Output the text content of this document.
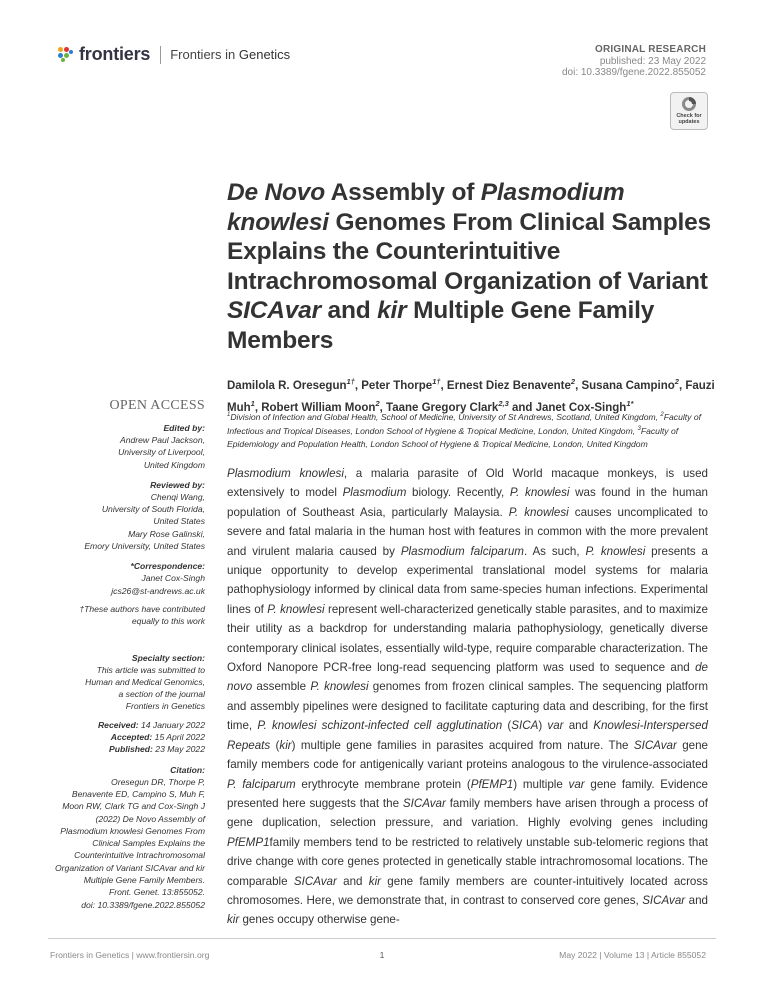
frontiers Frontiers in Genetics	ORIGINAL RESEARCH
published: 23 May 2022
doi: 10.3389/fgene.2022.855052
Check for
updates
De Novo Assembly of Plasmodium knowlesi Genomes From Clinical Samples Explains the Counterintuitive Intrachromosomal Organization of Variant SICAvar and kir Multiple Gene Family Members
Damilola R. Oresegun$^{1\dagger}$, Peter Thorpe$^{1\dagger}$, Ernest Diez Benavente$^2$, Susana Campino$^2$, Fauzi Muh$^1$, Robert William Moon$^2$, Taane Gregory Clark$^{2,3}$ and Janet Cox-Singh$^{1*}$
$^1$Division of Infection and Global Health, School of Medicine, University of St Andrews, Scotland, United Kingdom, $^2$Faculty of Infectious and Tropical Diseases, London School of Hygiene & Tropical Medicine, London, United Kingdom, $^3$Faculty of Epidemiology and Population Health, London School of Hygiene & Tropical Medicine, London, United Kingdom
Plasmodium knowlesi, a malaria parasite of Old World macaque monkeys, is used extensively to model Plasmodium biology. Recently, P. knowlesi was found in the human population of Southeast Asia, particularly Malaysia. P. knowlesi causes uncomplicated to severe and fatal malaria in the human host with features in common with the more prevalent and virulent malaria caused by Plasmodium falciparum. As such, P. knowlesi presents a unique opportunity to develop experimental translational model systems for malaria pathophysiology informed by clinical data from same-species human infections. Experimental lines of P. knowlesi represent well-characterized genetically stable parasites, and to maximize their utility as a backdrop for understanding malaria pathophysiology, genetically diverse contemporary clinical isolates, essentially wild-type, require comparable characterization. The Oxford Nanopore PCR-free long-read sequencing platform was used to sequence and de novo assemble P. knowlesi genomes from frozen clinical samples. The sequencing platform and assembly pipelines were designed to facilitate capturing data and describing, for the first time, P. knowlesi schizont-infected cell agglutination (SICA) var and Knowlesi-Interspersed Repeats (kir) multiple gene families in parasites acquired from nature. The SICAvar gene family members code for antigenically variant proteins analogous to the virulence-associated P. falciparum erythrocyte membrane protein (PfEMP1) multiple var gene family. Evidence presented here suggests that the SICAvar family members have arisen through a process of gene duplication, selection pressure, and variation. Highly evolving genes including PfEMP1family members tend to be restricted to relatively unstable sub-telomeric regions that drive change with core genes protected in genetically stable intrachromosomal locations. The comparable SICAvar and kir gene family members are counter-intuitively located across chromosomes. Here, we demonstrate that, in contrast to conserved core genes, SICAvar and kir genes occupy otherwise gene-
OPEN ACCESS
Edited by:
Andrew Paul Jackson,
University of Liverpool,
United Kingdom
Reviewed by:
Chenqi Wang,
University of South Florida,
United States
Mary Rose Galinski,
Emory University, United States
*Correspondence:
Janet Cox-Singh
jcs26@st-andrews.ac.uk
†These authors have contributed
equally to this work
Specialty section:
This article was submitted to
Human and Medical Genomics,
a section of the journal
Frontiers in Genetics
Received: 14 January 2022
Accepted: 15 April 2022
Published: 23 May 2022
Citation:
Oresegun DR, Thorpe P,
Benavente ED, Campino S, Muh F,
Moon RW, Clark TG and Cox-Singh J
(2022) De Novo Assembly of
Plasmodium knowlesi Genomes From
Clinical Samples Explains the
Counterintuitive Intrachromosomal
Organization of Variant SICAvar and kir
Multiple Gene Family Members.
Front. Genet. 13:855052.
doi: 10.3389/fgene.2022.855052
Frontiers in Genetics | www.frontiersin.org	1	May 2022 | Volume 13 | Article 855052
